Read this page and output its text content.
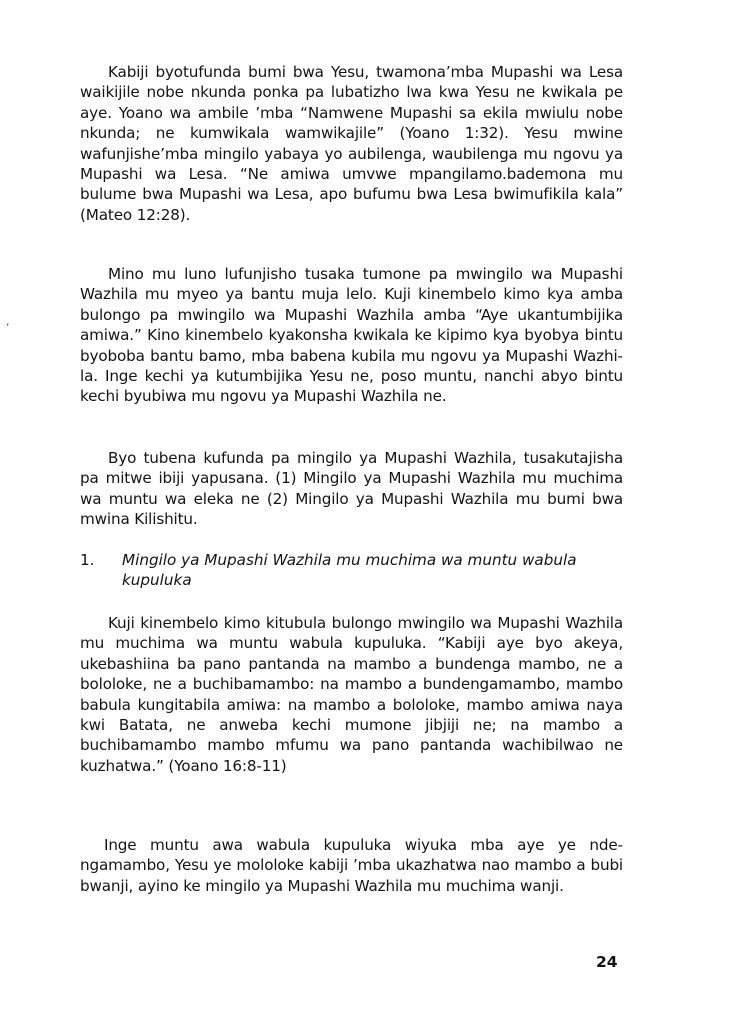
Kabiji byotufunda bumi bwa Yesu, twamona’mba Mupashi wa Lesa waikijile nobe nkunda ponka pa lubatizho lwa kwa Yesu ne kwikala pe aye. Yoano wa ambile ’mba “Namwene Mupashi sa ekila mwiulu nobe nkunda; ne kumwikala wamwikajile” (Yoano 1:32). Yesu mwine wafunjishe’mba mingilo yabaya yo aubilenga, waubilenga mu ngovu ya Mupashi wa Lesa. “Ne amiwa umvwe mpangilamo.bademona mu bulume bwa Mupashi wa Lesa, apo bufumu bwa Lesa bwimufikila kala” (Mateo 12:28).

‘

Mino mu luno lufunjisho tusaka tumone pa mwingilo wa Mupashi Wazhila mu myeo ya bantu muja lelo. Kuji kinembelo kimo kya amba bulongo pa mwingilo wa Mupashi Wazhila amba “Aye ukantumbijika amiwa.” Kino kinembelo kyakonsha kwikala ke kipimo kya byobya bintu byoboba bantu bamo, mba babena kubila mu ngovu ya Mupashi Wazhila. Inge kechi ya kutumbijika Yesu ne, poso muntu, nanchi abyo bintu kechi byubiwa mu ngovu ya Mupashi Wazhila ne.

Byo tubena kufunda pa mingilo ya Mupashi Wazhila, tusakutajisha pa mitwe ibiji yapusana. (1) Mingilo ya Mupashi Wazhila mu muchima wa muntu wa eleka ne (2) Mingilo ya Mupashi Wazhila mu bumi bwa mwina Kilishitu.

1.	Mingilo ya Mupashi Wazhila mu muchima wa muntu wabula kupuluka

Kuji kinembelo kimo kitubula bulongo mwingilo wa Mupashi Wazhila mu muchima wa muntu wabula kupuluka. “Kabiji aye byo akeya, ukebashiina ba pano pantanda na mambo a bundenga mambo, ne a bololoke, ne a buchibamambo: na mambo a bundengamambo, mambo babula kungitabila amiwa: na mambo a bololoke, mambo amiwa naya kwi Batata, ne anweba kechi mumone jibjiji ne; na mambo a buchibamambo mambo mfumu wa pano pantanda wachibilwao ne kuzhatwa.” (Yoano 16:8-11)

Inge muntu awa wabula kupuluka wiyuka mba aye ye ndengamambo, Yesu ye mololoke kabiji ’mba ukazhatwa nao mambo a bubi bwanji, ayino ke mingilo ya Mupashi Wazhila mu muchima wanji.

24
